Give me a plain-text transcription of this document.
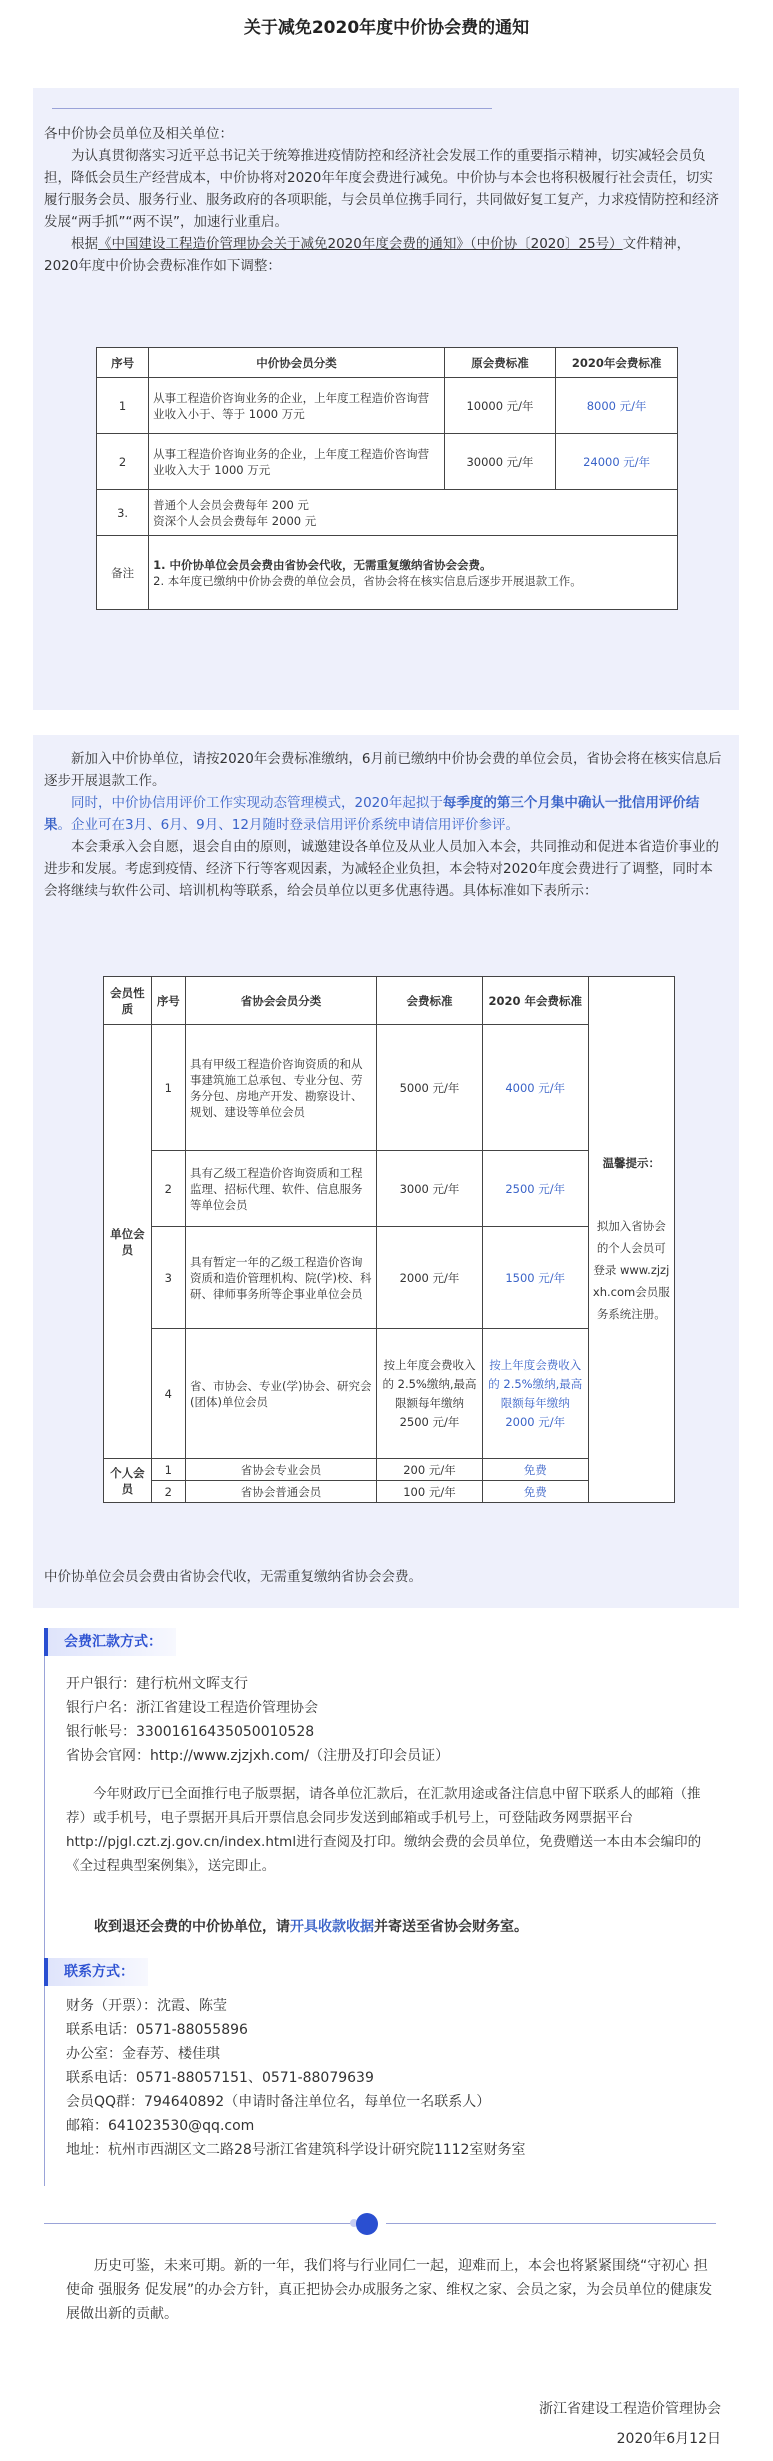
关于减免2020年度中价协会费的通知

各中价协会员单位及相关单位：

为认真贯彻落实习近平总书记关于统筹推进疫情防控和经济社会发展工作的重要指示精神，切实减轻会员负担，降低会员生产经营成本，中价协将对2020年年度会费进行减免。中价协与本会也将积极履行社会责任，切实履行服务会员、服务行业、服务政府的各项职能，与会员单位携手同行，共同做好复工复产，力求疫情防控和经济发展“两手抓”“两不误”，加速行业重启。

根据《中国建设工程造价管理协会关于减免2020年度会费的通知》（中价协〔2020〕25号）文件精神，2020年度中价协会费标准作如下调整：

序号	中价协会员分类	原会费标准	2020年会费标准
1	从事工程造价咨询业务的企业，上年度工程造价咨询营业收入小于、等于 1000 万元	10000 元/年	8000 元/年
2	从事工程造价咨询业务的企业，上年度工程造价咨询营业收入大于 1000 万元	30000 元/年	24000 元/年
3.	普通个人会员会费每年 200 元
资深个人会员会费每年 2000 元		
备注	1. 中价协单位会员会费由省协会代收，无需重复缴纳省协会会费。
2. 本年度已缴纳中价协会费的单位会员，省协会将在核实信息后逐步开展退款工作。		

新加入中价协单位，请按2020年会费标准缴纳，6月前已缴纳中价协会费的单位会员，省协会将在核实信息后逐步开展退款工作。

同时，中价协信用评价工作实现动态管理模式，2020年起拟于每季度的第三个月集中确认一批信用评价结果。企业可在3月、6月、9月、12月随时登录信用评价系统申请信用评价参评。

本会秉承入会自愿，退会自由的原则，诚邀建设各单位及从业人员加入本会，共同推动和促进本省造价事业的进步和发展。考虑到疫情、经济下行等客观因素，为减轻企业负担，本会特对2020年度会费进行了调整，同时本会将继续与软件公司、培训机构等联系，给会员单位以更多优惠待遇。具体标准如下表所示：

会员性质	序号	省协会会员分类	会费标准	2020 年会费标准	温馨提示：
拟加入省协会的个人会员可登录 www.zjzjxh.com会员服务系统注册。

单位会员	1	具有甲级工程造价咨询资质的和从事建筑施工总承包、专业分包、劳务分包、房地产开发、勘察设计、规划、建设等单位会员	5000 元/年	4000 元/年	
	2	具有乙级工程造价咨询资质和工程监理、招标代理、软件、信息服务等单位会员	3000 元/年	2500 元/年	
	3	具有暂定一年的乙级工程造价咨询资质和造价管理机构、院(学)校、科研、律师事务所等企事业单位会员	2000 元/年	1500 元/年	
	4	省、市协会、专业(学)协会、研究会(团体)单位会员	按上年度会费收入的 2.5%缴纳,最高限额每年缴纳 2500 元/年	按上年度会费收入的 2.5%缴纳,最高限额每年缴纳 2000 元/年	
个人会员	1	省协会专业会员	200 元/年	免费	
	2	省协会普通会员	100 元/年	免费	
中价协单位会员会费由省协会代收，无需重复缴纳省协会会费。
会费汇款方式：
开户银行：建行杭州文晖支行
银行户名：浙江省建设工程造价管理协会
银行帐号：33001616435050010528
省协会官网：http://www.zjzjxh.com/（注册及打印会员证）
今年财政厅已全面推行电子版票据，请各单位汇款后，在汇款用途或备注信息中留下联系人的邮箱（推荐）或手机号，电子票据开具后开票信息会同步发送到邮箱或手机号上，可登陆政务网票据平台http://pjgl.czt.zj.gov.cn/index.html进行查阅及打印。缴纳会费的会员单位，免费赠送一本由本会编印的《全过程典型案例集》，送完即止。
收到退还会费的中价协单位，请开具收款收据并寄送至省协会财务室。
联系方式：
财务（开票）：沈霞、陈莹
联系电话：0571-88055896
办公室：金春芳、楼佳琪
联系电话：0571-88057151、0571-88079639
会员QQ群：794640892（申请时备注单位名，每单位一名联系人）
邮箱：641023530@qq.com
地址：杭州市西湖区文二路28号浙江省建筑科学设计研究院1112室财务室
历史可鉴，未来可期。新的一年，我们将与行业同仁一起，迎难而上，本会也将紧紧围绕“守初心 担使命 强服务 促发展”的办会方针，真正把协会办成服务之家、维权之家、会员之家，为会员单位的健康发展做出新的贡献。
浙江省建设工程造价管理协会
2020年6月12日
